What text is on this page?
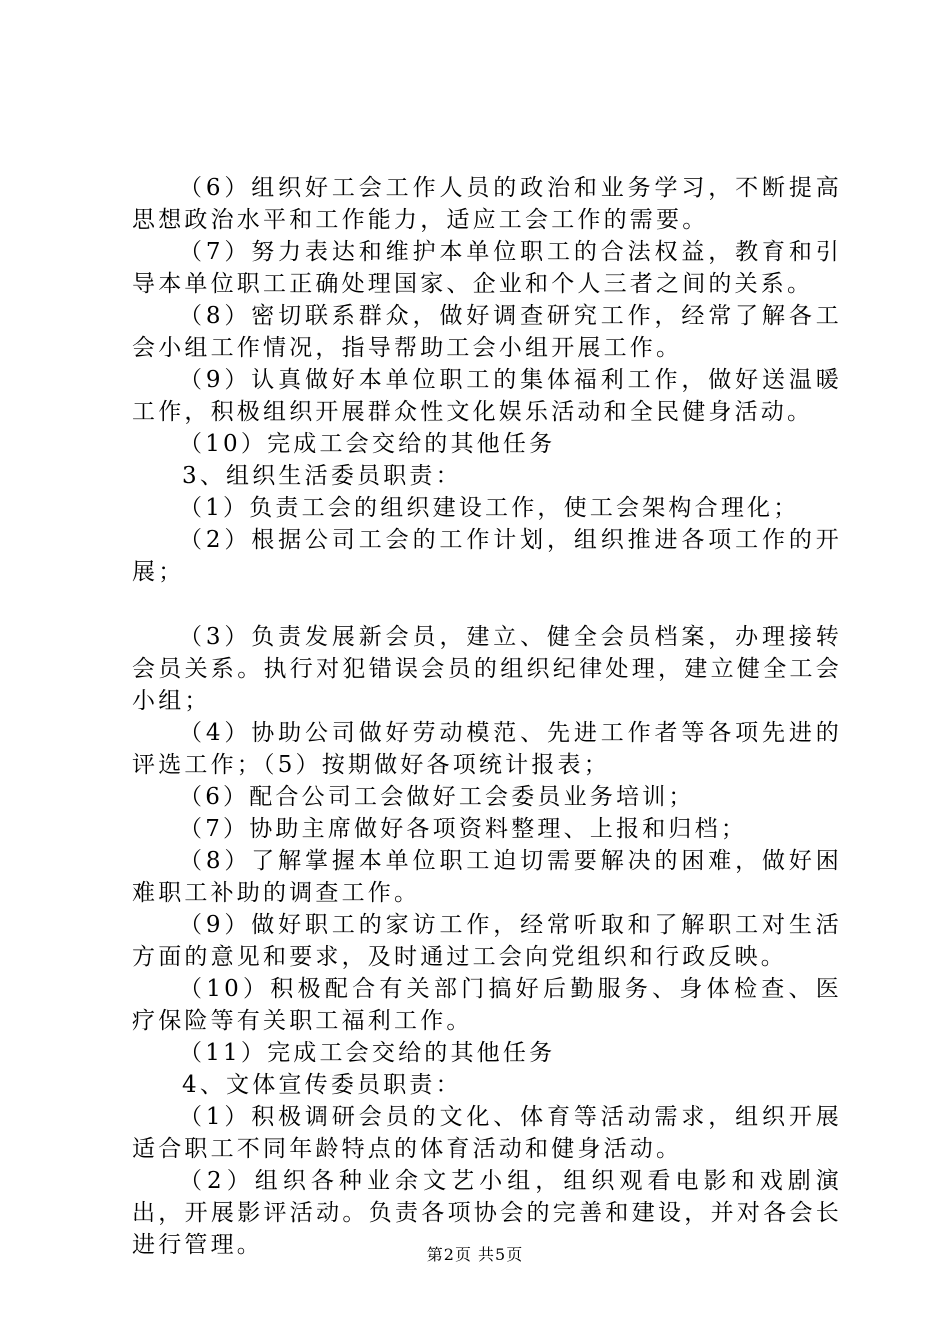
（6）组织好工会工作人员的政治和业务学习，不断提高思想政治水平和工作能力，适应工会工作的需要。

（7）努力表达和维护本单位职工的合法权益，教育和引导本单位职工正确处理国家、企业和个人三者之间的关系。

（8）密切联系群众，做好调查研究工作，经常了解各工会小组工作情况，指导帮助工会小组开展工作。

（9）认真做好本单位职工的集体福利工作，做好送温暖工作，积极组织开展群众性文化娱乐活动和全民健身活动。

（10）完成工会交给的其他任务

3、组织生活委员职责：

（1）负责工会的组织建设工作，使工会架构合理化；

（2）根据公司工会的工作计划，组织推进各项工作的开展；

（3）负责发展新会员，建立、健全会员档案，办理接转会员关系。执行对犯错误会员的组织纪律处理，建立健全工会小组；

（4）协助公司做好劳动模范、先进工作者等各项先进的评选工作；（5）按期做好各项统计报表；

（6）配合公司工会做好工会委员业务培训；

（7）协助主席做好各项资料整理、上报和归档；

（8）了解掌握本单位职工迫切需要解决的困难，做好困难职工补助的调查工作。

（9）做好职工的家访工作，经常听取和了解职工对生活方面的意见和要求，及时通过工会向党组织和行政反映。

（10）积极配合有关部门搞好后勤服务、身体检查、医疗保险等有关职工福利工作。

（11）完成工会交给的其他任务

4、文体宣传委员职责：

（1）积极调研会员的文化、体育等活动需求，组织开展适合职工不同年龄特点的体育活动和健身活动。

（2）组织各种业余文艺小组，组织观看电影和戏剧演出，开展影评活动。负责各项协会的完善和建设，并对各会长进行管理。	第2页 共5页
